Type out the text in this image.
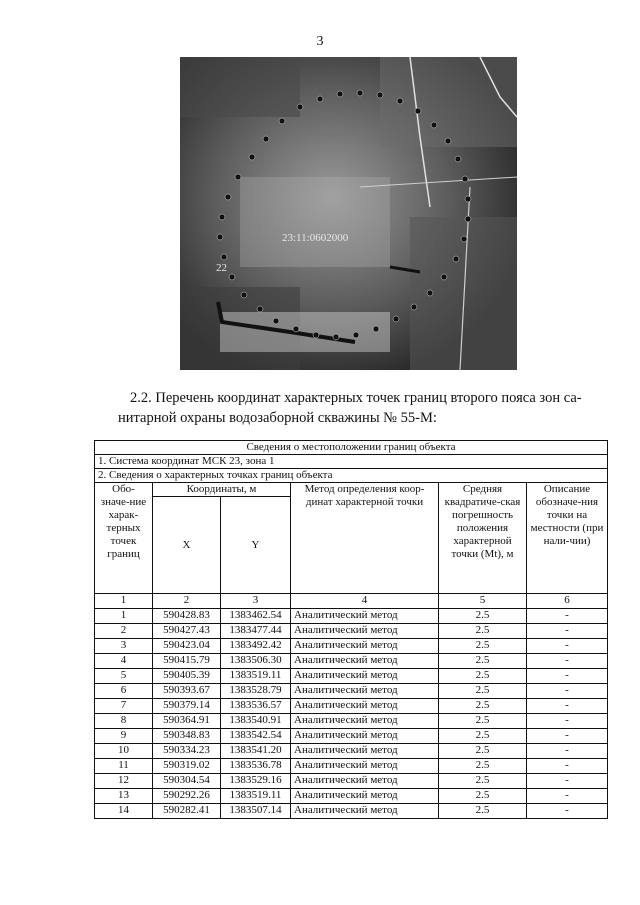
3
23:11:0602000
22
2.2. Перечень координат характерных точек границ второго пояса зон са-
нитарной охраны водозаборной скважины № 55-М:
Сведения о местоположении границ объекта					
1. Система координат МСК 23, зона 1					
2. Сведения о характерных точках границ объекта					
Обо-значе-ние харак-терных точек границ	Координаты, м		Метод определения коор-динат характерной точки	Средняя квадратиче-ская погрешность положения характерной точки (Mt), м	Описание обозначе-ния точки на местности (при нали-чии)
	X	Y			
1	2	3	4	5	6
1	590428.83	1383462.54	Аналитический метод	2.5	-
2	590427.43	1383477.44	Аналитический метод	2.5	-
3	590423.04	1383492.42	Аналитический метод	2.5	-
4	590415.79	1383506.30	Аналитический метод	2.5	-
5	590405.39	1383519.11	Аналитический метод	2.5	-
6	590393.67	1383528.79	Аналитический метод	2.5	-
7	590379.14	1383536.57	Аналитический метод	2.5	-
8	590364.91	1383540.91	Аналитический метод	2.5	-
9	590348.83	1383542.54	Аналитический метод	2.5	-
10	590334.23	1383541.20	Аналитический метод	2.5	-
11	590319.02	1383536.78	Аналитический метод	2.5	-
12	590304.54	1383529.16	Аналитический метод	2.5	-
13	590292.26	1383519.11	Аналитический метод	2.5	-
14	590282.41	1383507.14	Аналитический метод	2.5	-
